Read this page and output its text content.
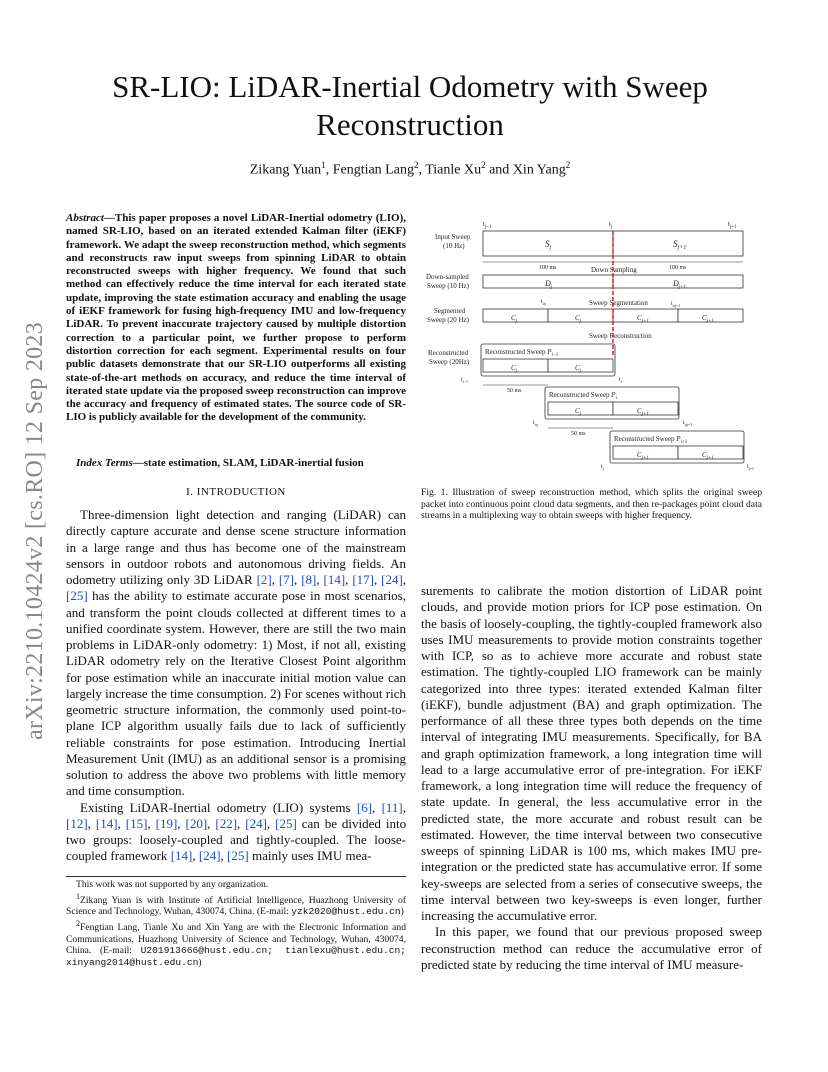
SR-LIO: LiDAR-Inertial Odometry with Sweep Reconstruction
Zikang Yuan$^1$, Fengtian Lang$^2$, Tianle Xu$^2$ and Xin Yang$^2$
arXiv:2210.10424v2 [cs.RO] 12 Sep 2023
Abstract—This paper proposes a novel LiDAR-Inertial odometry (LIO), named SR-LIO, based on an iterated extended Kalman filter (iEKF) framework. We adapt the sweep reconstruction method, which segments and reconstructs raw input sweeps from spinning LiDAR to obtain reconstructed sweeps with higher frequency. We found that such method can effectively reduce the time interval for each iterated state update, improving the state estimation accuracy and enabling the usage of iEKF framework for fusing high-frequency IMU and low-frequency LiDAR. To prevent inaccurate trajectory caused by multiple distortion correction to a particular point, we further propose to perform distortion correction for each segment. Experimental results on four public datasets demonstrate that our SR-LIO outperforms all existing state-of-the-art methods on accuracy, and reduce the time interval of iterated state update via the proposed sweep reconstruction can improve the accuracy and frequency of estimated states. The source code of SR-LIO is publicly available for the development of the community.
Index Terms—state estimation, SLAM, LiDAR-inertial fusion
I. INTRODUCTION

Three-dimension light detection and ranging (LiDAR) can directly capture accurate and dense scene structure information in a large range and thus has become one of the mainstream sensors in outdoor robots and autonomous driving fields. An odometry utilizing only 3D LiDAR [2], [7], [8], [14], [17], [24], [25] has the ability to estimate accurate pose in most scenarios, and transform the point clouds collected at different times to a unified coordinate system. However, there are still the two main problems in LiDAR-only odometry: 1) Most, if not all, existing LiDAR odometry rely on the Iterative Closest Point algorithm for pose estimation while an inaccurate initial motion value can largely increase the time consumption. 2) For scenes without rich geometric structure information, the commonly used point-to-plane ICP algorithm usually fails due to lack of sufficiently reliable constraints for pose estimation. Introducing Inertial Measurement Unit (IMU) as an additional sensor is a promising solution to address the above two problems with little memory and time consumption.

Existing LiDAR-Inertial odometry (LIO) systems [6], [11], [12], [14], [15], [19], [20], [22], [24], [25] can be divided into two groups: loosely-coupled and tightly-coupled. The loose-coupled framework [14], [24], [25] mainly uses IMU mea-

This work was not supported by any organization.

$^1$Zikang Yuan is with Institute of Artificial Intelligence, Huazhong University of Science and Technology, Wuhan, 430074, China. (E-mail: yzk2020@hust.edu.cn)

$^2$Fengtian Lang, Tianle Xu and Xin Yang are with the Electronic Information and Communications, Huazhong University of Science and Technology, Wuhan, 430074, China. (E-mail: U201913666@hust.edu.cn; tianlexu@hust.edu.cn; xinyang2014@hust.edu.cn)

$t_{j-1}$	$t_j$	$t_{j+1}$
Input Sweep
(10 Hz)	$S_j$	$S_{j+1}$
100 ms	100 ms
Down Sampling
Down-sampled
Sweep (10 Hz)	$D_j$	$D_{j+1}$
$t_{\alpha j}$	Sweep Segmentation	$t_{\alpha j+1}$
Segmented
Sweep (20 Hz)	$C_j$	$C_j$	$C_{j+1}$	$C_{j+1}$
Sweep Reconstruction
Reconstructed
Sweep (20Hz)
Reconstructed Sweep $P_{i-1}$
$C_j$	$C_j$
$t_{i-1}$	$t_i$
50 ms	Reconstructed Sweep $P_i$
$C_j$	$C_{j+1}$
$t_{\alpha j}$	$t_{\alpha j+1}$
50 ms
Reconstructed Sweep $P_{i+1}$
$C_{j+1}$	$C_{j+1}$
$t_j$	$t_{j+1}$
Fig. 1. Illustration of sweep reconstruction method, which splits the original sweep packet into continuous point cloud data segments, and then re-packages point cloud data streams in a multiplexing way to obtain sweeps with higher frequency.

surements to calibrate the motion distortion of LiDAR point clouds, and provide motion priors for ICP pose estimation. On the basis of loosely-coupling, the tightly-coupled framework also uses IMU measurements to provide motion constraints together with ICP, so as to achieve more accurate and robust state estimation. The tightly-coupled LIO framework can be mainly categorized into three types: iterated extended Kalman filter (iEKF), bundle adjustment (BA) and graph optimization. The performance of all these three types both depends on the time interval of integrating IMU measurements. Specifically, for BA and graph optimization framework, a long integration time will lead to a large accumulative error of pre-integration. For iEKF framework, a long integration time will reduce the frequency of state update. In general, the less accumulative error in the predicted state, the more accurate and robust result can be estimated. However, the time interval between two consecutive sweeps of spinning LiDAR is 100 ms, which makes IMU pre-integration or the predicted state has accumulative error. If some key-sweeps are selected from a series of consecutive sweeps, the time interval between two key-sweeps is even longer, further increasing the accumulative error.

In this paper, we found that our previous proposed sweep reconstruction method can reduce the accumulative error of predicted state by reducing the time interval of IMU measure-
